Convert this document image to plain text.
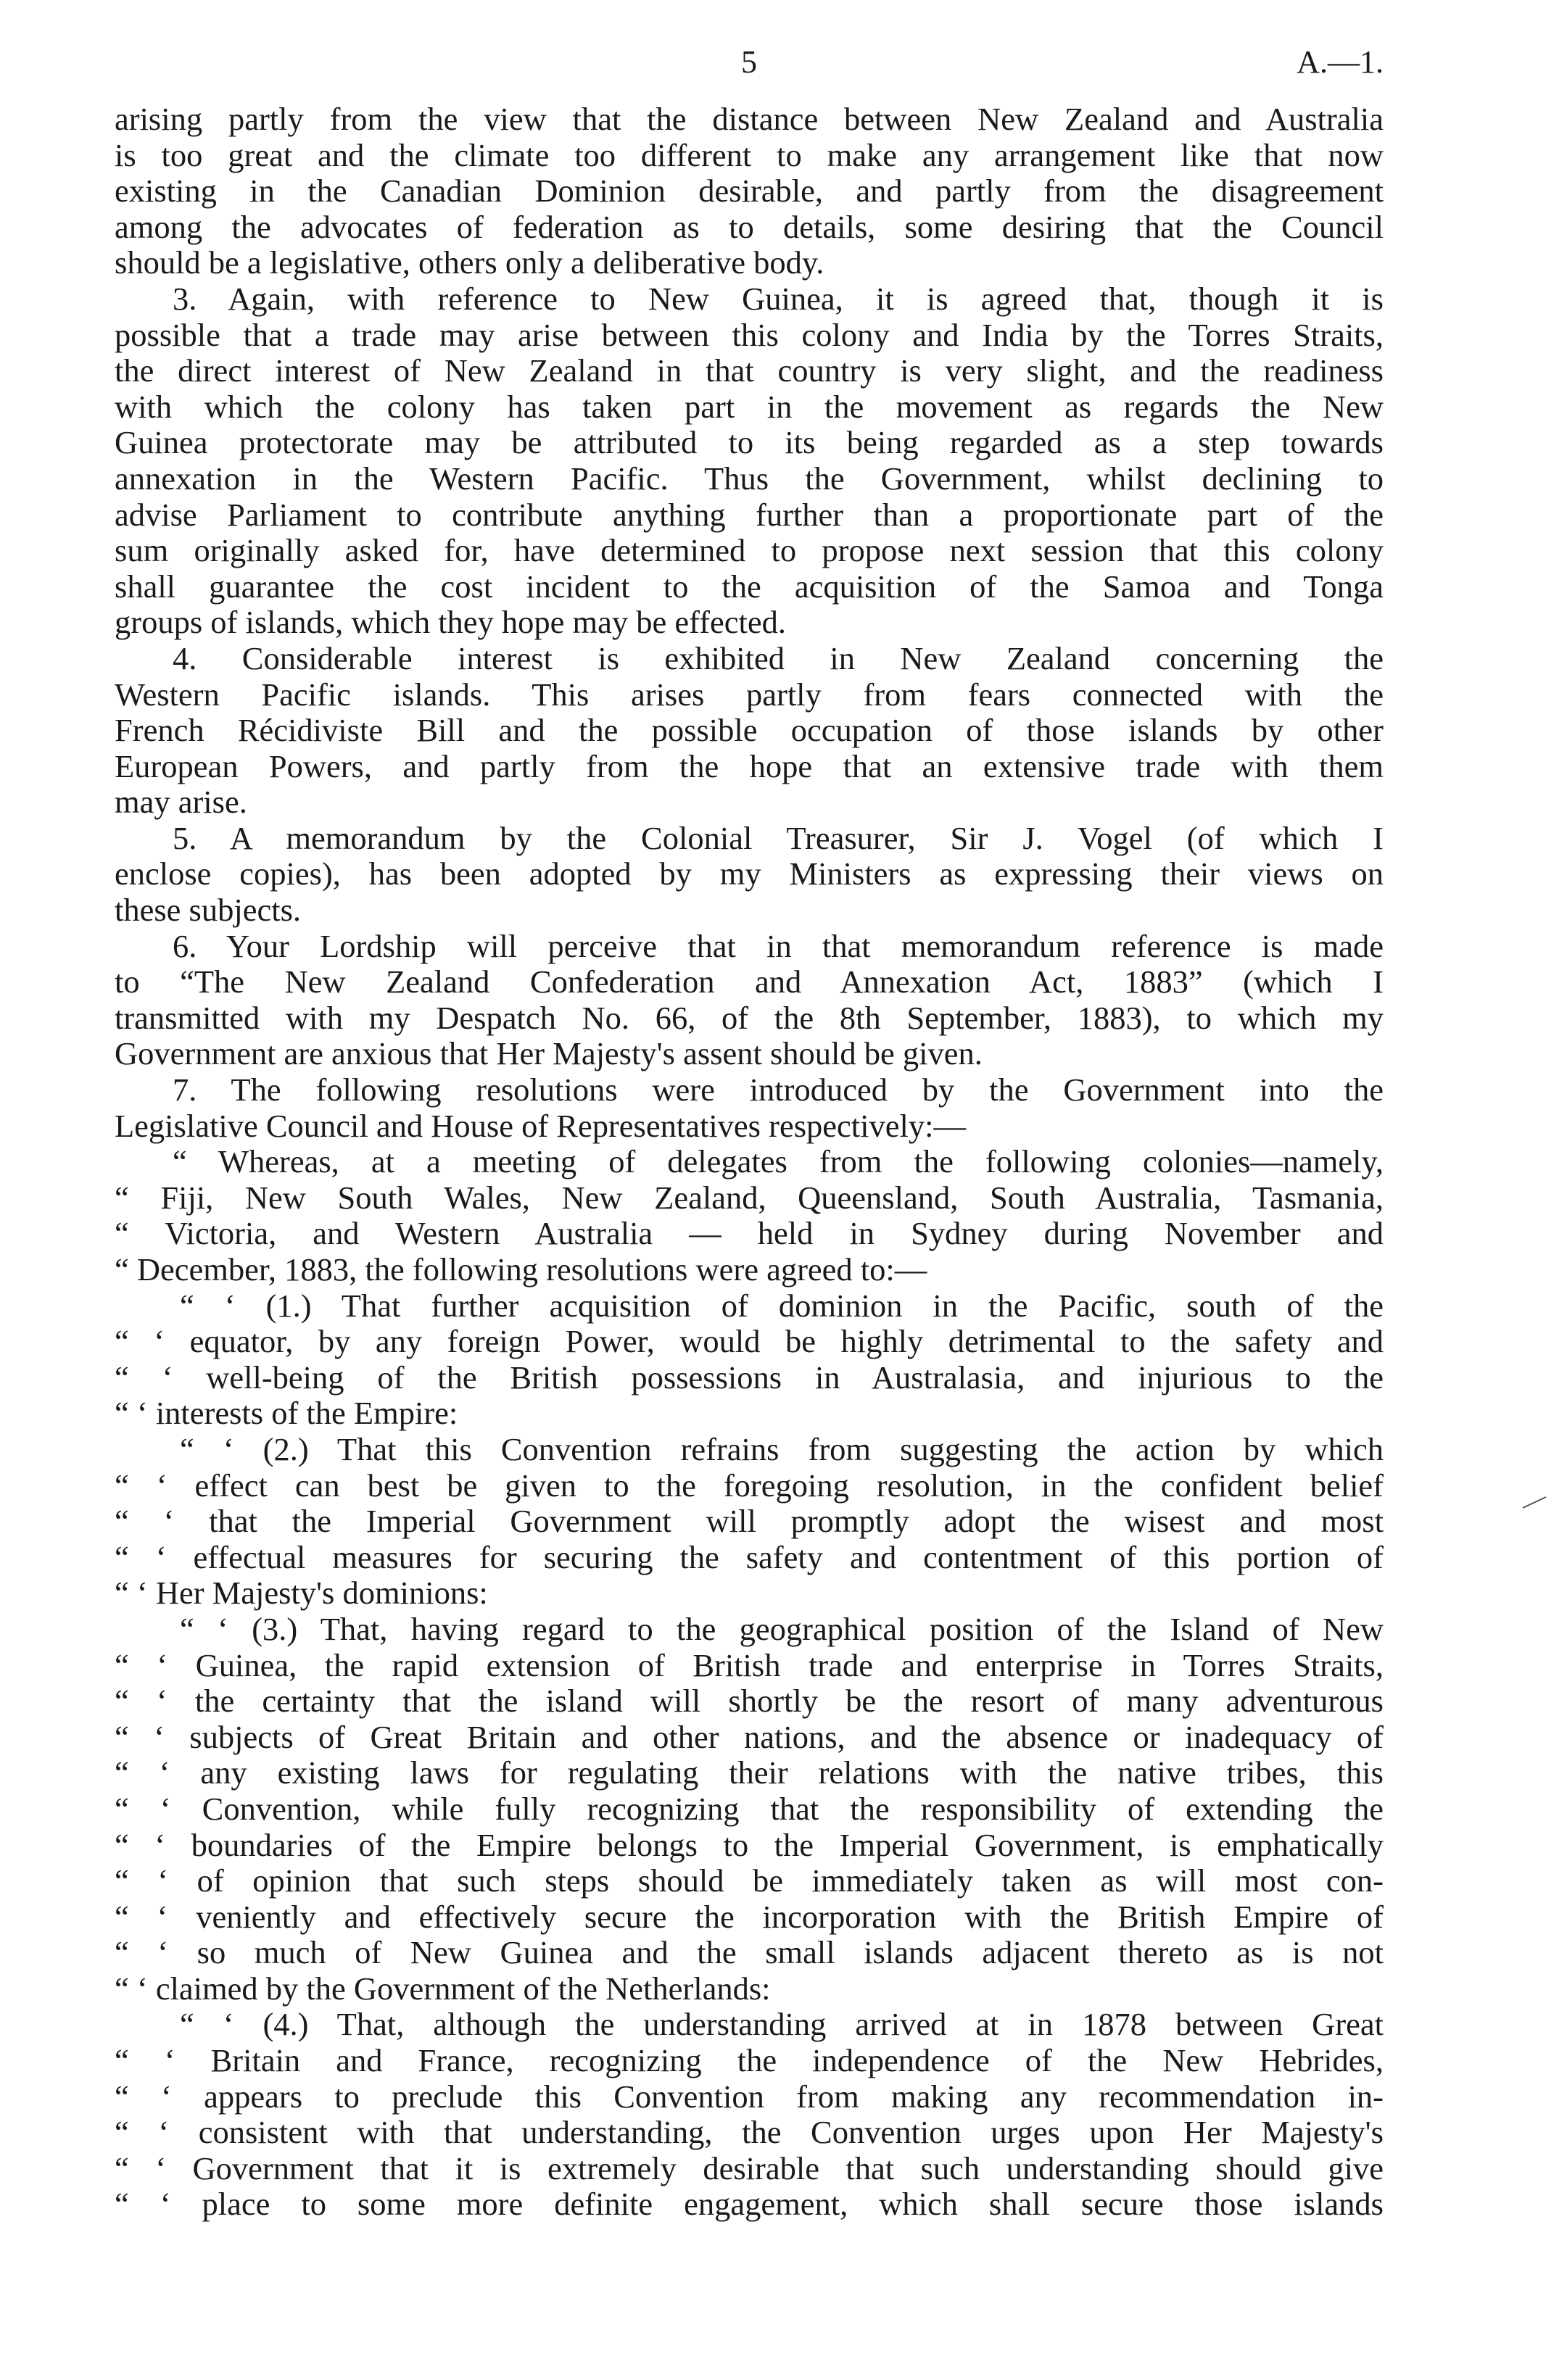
5	A.—1.
arising partly from the view that the distance between New Zealand and Australia
is too great and the climate too different to make any arrangement like that now
existing in the Canadian Dominion desirable, and partly from the disagreement
among the advocates of federation as to details, some desiring that the Council
should be a legislative, others only a deliberative body.
3. Again, with reference to New Guinea, it is agreed that, though it is
possible that a trade may arise between this colony and India by the Torres Straits,
the direct interest of New Zealand in that country is very slight, and the readiness
with which the colony has taken part in the movement as regards the New
Guinea protectorate may be attributed to its being regarded as a step towards
annexation in the Western Pacific. Thus the Government, whilst declining to
advise Parliament to contribute anything further than a proportionate part of the
sum originally asked for, have determined to propose next session that this colony
shall guarantee the cost incident to the acquisition of the Samoa and Tonga
groups of islands, which they hope may be effected.
4. Considerable interest is exhibited in New Zealand concerning the
Western Pacific islands. This arises partly from fears connected with the
French Récidiviste Bill and the possible occupation of those islands by other
European Powers, and partly from the hope that an extensive trade with them
may arise.
5. A memorandum by the Colonial Treasurer, Sir J. Vogel (of which I
enclose copies), has been adopted by my Ministers as expressing their views on
these subjects.
6. Your Lordship will perceive that in that memorandum reference is made
to “The New Zealand Confederation and Annexation Act, 1883” (which I
transmitted with my Despatch No. 66, of the 8th September, 1883), to which my
Government are anxious that Her Majesty's assent should be given.
7. The following resolutions were introduced by the Government into the
Legislative Council and House of Representatives respectively:—
“ Whereas, at a meeting of delegates from the following colonies—namely,
“ Fiji, New South Wales, New Zealand, Queensland, South Australia, Tasmania,
“ Victoria, and Western Australia — held in Sydney during November and
“ December, 1883, the following resolutions were agreed to:—
“ ‘ (1.) That further acquisition of dominion in the Pacific, south of the
“ ‘ equator, by any foreign Power, would be highly detrimental to the safety and
“ ‘ well-being of the British possessions in Australasia, and injurious to the
“ ‘ interests of the Empire:
“ ‘ (2.) That this Convention refrains from suggesting the action by which
“ ‘ effect can best be given to the foregoing resolution, in the confident belief
“ ‘ that the Imperial Government will promptly adopt the wisest and most
“ ‘ effectual measures for securing the safety and contentment of this portion of
“ ‘ Her Majesty's dominions:
“ ‘ (3.) That, having regard to the geographical position of the Island of New
“ ‘ Guinea, the rapid extension of British trade and enterprise in Torres Straits,
“ ‘ the certainty that the island will shortly be the resort of many adventurous
“ ‘ subjects of Great Britain and other nations, and the absence or inadequacy of
“ ‘ any existing laws for regulating their relations with the native tribes, this
“ ‘ Convention, while fully recognizing that the responsibility of extending the
“ ‘ boundaries of the Empire belongs to the Imperial Government, is emphatically
“ ‘ of opinion that such steps should be immediately taken as will most con-
“ ‘ veniently and effectively secure the incorporation with the British Empire of
“ ‘ so much of New Guinea and the small islands adjacent thereto as is not
“ ‘ claimed by the Government of the Netherlands:
“ ‘ (4.) That, although the understanding arrived at in 1878 between Great
“ ‘ Britain and France, recognizing the independence of the New Hebrides,
“ ‘ appears to preclude this Convention from making any recommendation in-
“ ‘ consistent with that understanding, the Convention urges upon Her Majesty's
“ ‘ Government that it is extremely desirable that such understanding should give
“ ‘ place to some more definite engagement, which shall secure those islands
